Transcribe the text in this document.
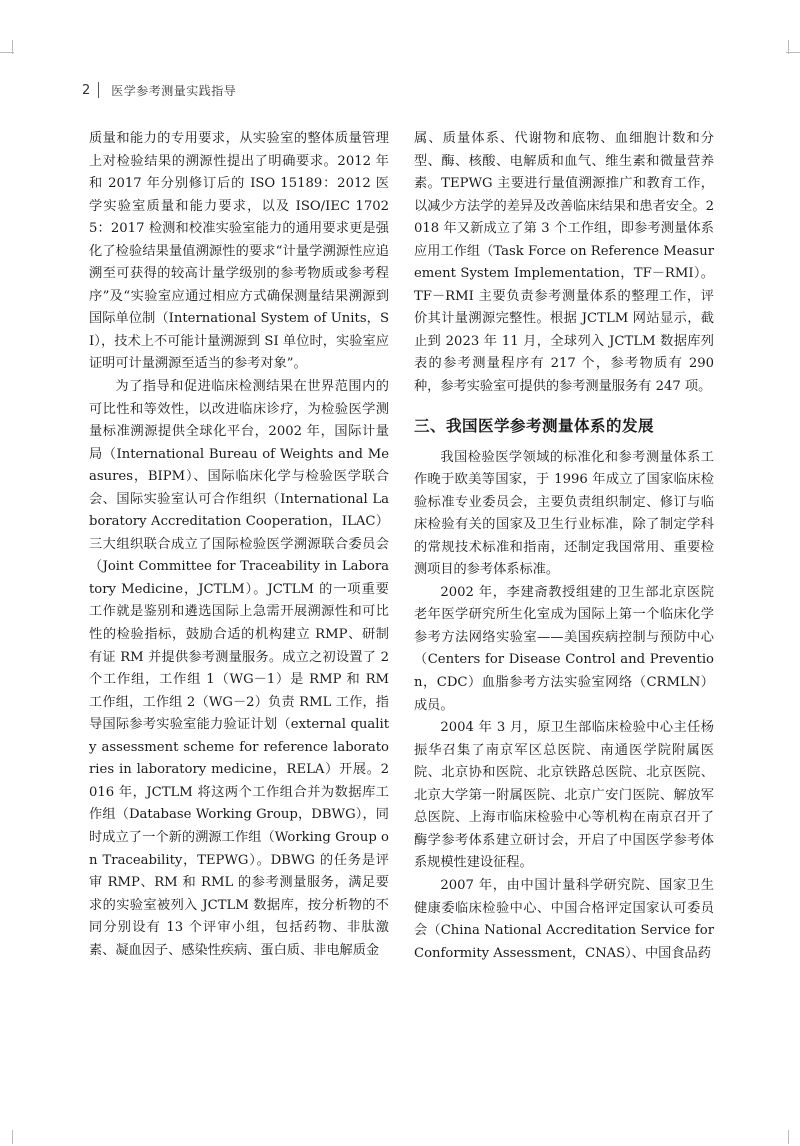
2 医学参考测量实践指导

质量和能力的专用要求，从实验室的整体质量管理上对检验结果的溯源性提出了明确要求。2012 年和 2017 年分别修订后的 ISO 15189：2012 医学实验室质量和能力要求，以及 ISO/IEC 17025：2017 检测和校准实验室能力的通用要求更是强化了检验结果量值溯源性的要求“计量学溯源性应追溯至可获得的较高计量学级别的参考物质或参考程序”及“实验室应通过相应方式确保测量结果溯源到国际单位制（International System of Units，SI），技术上不可能计量溯源到 SI 单位时，实验室应证明可计量溯源至适当的参考对象”。

为了指导和促进临床检测结果在世界范围内的可比性和等效性，以改进临床诊疗，为检验医学测量标准溯源提供全球化平台，2002 年，国际计量局（International Bureau of Weights and Measures，BIPM）、国际临床化学与检验医学联合会、国际实验室认可合作组织（International Laboratory Accreditation Cooperation，ILAC）三大组织联合成立了国际检验医学溯源联合委员会（Joint Committee for Traceability in Laboratory Medicine，JCTLM）。JCTLM 的一项重要工作就是鉴别和遴选国际上急需开展溯源性和可比性的检验指标，鼓励合适的机构建立 RMP、研制有证 RM 并提供参考测量服务。成立之初设置了 2 个工作组，工作组 1（WG－1）是 RMP 和 RM 工作组，工作组 2（WG－2）负责 RML 工作，指导国际参考实验室能力验证计划（external quality assessment scheme for reference laboratories in laboratory medicine，RELA）开展。2016 年，JCTLM 将这两个工作组合并为数据库工作组（Database Working Group，DBWG），同时成立了一个新的溯源工作组（Working Group on Traceability，TEPWG）。DBWG 的任务是评审 RMP、RM 和 RML 的参考测量服务，满足要求的实验室被列入 JCTLM 数据库，按分析物的不同分别设有 13 个评审小组，包括药物、非肽激素、凝血因子、感染性疾病、蛋白质、非电解质金

属、质量体系、代谢物和底物、血细胞计数和分型、酶、核酸、电解质和血气、维生素和微量营养素。TEPWG 主要进行量值溯源推广和教育工作，以减少方法学的差异及改善临床结果和患者安全。2018 年又新成立了第 3 个工作组，即参考测量体系应用工作组（Task Force on Reference Measurement System Implementation，TF－RMI）。TF－RMI 主要负责参考测量体系的整理工作，评价其计量溯源完整性。根据 JCTLM 网站显示，截止到 2023 年 11 月，全球列入 JCTLM 数据库列表的参考测量程序有 217 个，参考物质有 290 种，参考实验室可提供的参考测量服务有 247 项。

三、我国医学参考测量体系的发展

我国检验医学领域的标准化和参考测量体系工作晚于欧美等国家，于 1996 年成立了国家临床检验标准专业委员会，主要负责组织制定、修订与临床检验有关的国家及卫生行业标准，除了制定学科的常规技术标准和指南，还制定我国常用、重要检测项目的参考体系标准。

2002 年，李建斋教授组建的卫生部北京医院老年医学研究所生化室成为国际上第一个临床化学参考方法网络实验室——美国疾病控制与预防中心（Centers for Disease Control and Prevention，CDC）血脂参考方法实验室网络（CRMLN）成员。

2004 年 3 月，原卫生部临床检验中心主任杨振华召集了南京军区总医院、南通医学院附属医院、北京协和医院、北京铁路总医院、北京医院、北京大学第一附属医院、北京广安门医院、解放军总医院、上海市临床检验中心等机构在南京召开了酶学参考体系建立研讨会，开启了中国医学参考体系规模性建设征程。

2007 年，由中国计量科学研究院、国家卫生健康委临床检验中心、中国合格评定国家认可委员会（China National Accreditation Service for Conformity Assessment，CNAS）、中国食品药
